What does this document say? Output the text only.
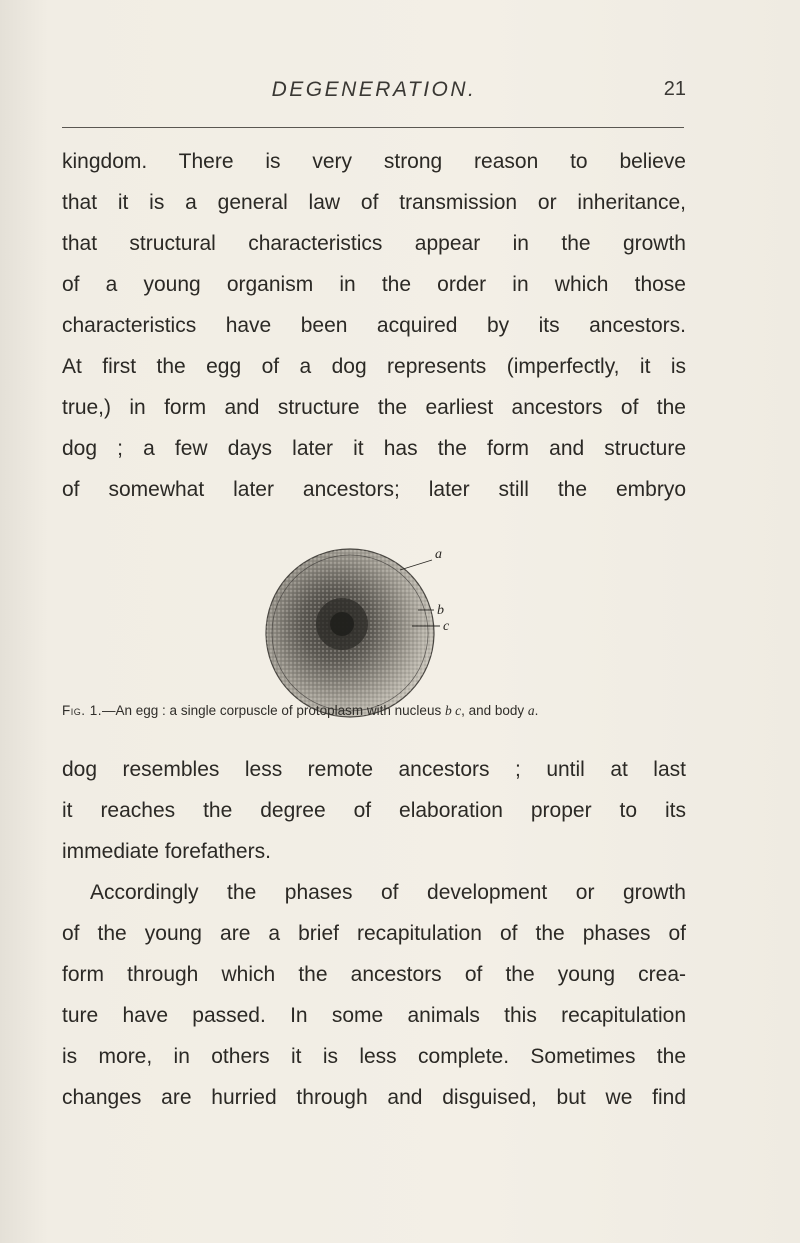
DEGENERATION.	21
kingdom. There is very strong reason to believe
that it is a general law of transmission or inheritance,
that structural characteristics appear in the growth
of a young organism in the order in which those
characteristics have been acquired by its ancestors.
At first the egg of a dog represents (imperfectly, it is
true,) in form and structure the earliest ancestors of the
dog ; a few days later it has the form and structure
of somewhat later ancestors; later still the embryo
a
b
c
Fig. 1.—An egg : a single corpuscle of protoplasm with nucleus b c, and body a.
dog resembles less remote ancestors ; until at last
it reaches the degree of elaboration proper to its
immediate forefathers.
Accordingly the phases of development or growth
of the young are a brief recapitulation of the phases of
form through which the ancestors of the young crea-
ture have passed. In some animals this recapitulation
is more, in others it is less complete. Sometimes the
changes are hurried through and disguised, but we find
